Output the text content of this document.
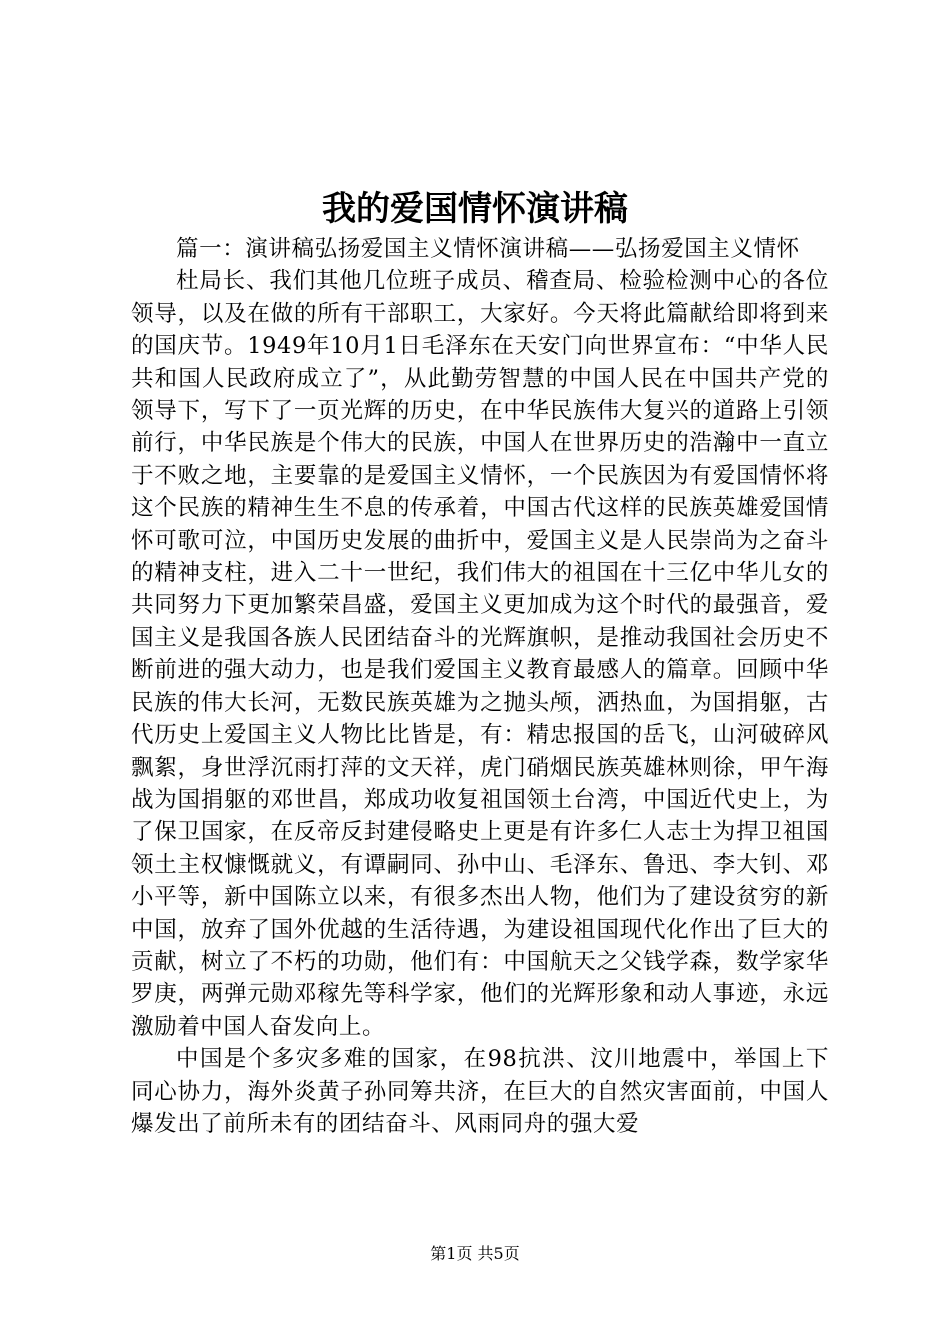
我的爱国情怀演讲稿

篇一：演讲稿弘扬爱国主义情怀演讲稿——弘扬爱国主义情怀

杜局长、我们其他几位班子成员、稽查局、检验检测中心的各位领导，以及在做的所有干部职工，大家好。今天将此篇献给即将到来的国庆节。1949年10月1日毛泽东在天安门向世界宣布：“中华人民共和国人民政府成立了”，从此勤劳智慧的中国人民在中国共产党的领导下，写下了一页光辉的历史，在中华民族伟大复兴的道路上引领前行，中华民族是个伟大的民族，中国人在世界历史的浩瀚中一直立于不败之地，主要靠的是爱国主义情怀，一个民族因为有爱国情怀将这个民族的精神生生不息的传承着，中国古代这样的民族英雄爱国情怀可歌可泣，中国历史发展的曲折中，爱国主义是人民崇尚为之奋斗的精神支柱，进入二十一世纪，我们伟大的祖国在十三亿中华儿女的共同努力下更加繁荣昌盛，爱国主义更加成为这个时代的最强音，爱国主义是我国各族人民团结奋斗的光辉旗帜，是推动我国社会历史不断前进的强大动力，也是我们爱国主义教育最感人的篇章。回顾中华民族的伟大长河，无数民族英雄为之抛头颅，洒热血，为国捐躯，古代历史上爱国主义人物比比皆是，有：精忠报国的岳飞，山河破碎风飘絮，身世浮沉雨打萍的文天祥，虎门硝烟民族英雄林则徐，甲午海战为国捐躯的邓世昌，郑成功收复祖国领土台湾，中国近代史上，为了保卫国家，在反帝反封建侵略史上更是有许多仁人志士为捍卫祖国领土主权慷慨就义，有谭嗣同、孙中山、毛泽东、鲁迅、李大钊、邓小平等，新中国陈立以来，有很多杰出人物，他们为了建设贫穷的新中国，放弃了国外优越的生活待遇，为建设祖国现代化作出了巨大的贡献，树立了不朽的功勋，他们有：中国航天之父钱学森，数学家华罗庚，两弹元勋邓稼先等科学家，他们的光辉形象和动人事迹，永远激励着中国人奋发向上。

中国是个多灾多难的国家，在98抗洪、汶川地震中，举国上下同心协力，海外炎黄子孙同筹共济，在巨大的自然灾害面前，中国人爆发出了前所未有的团结奋斗、风雨同舟的强大爱

第1页 共5页
